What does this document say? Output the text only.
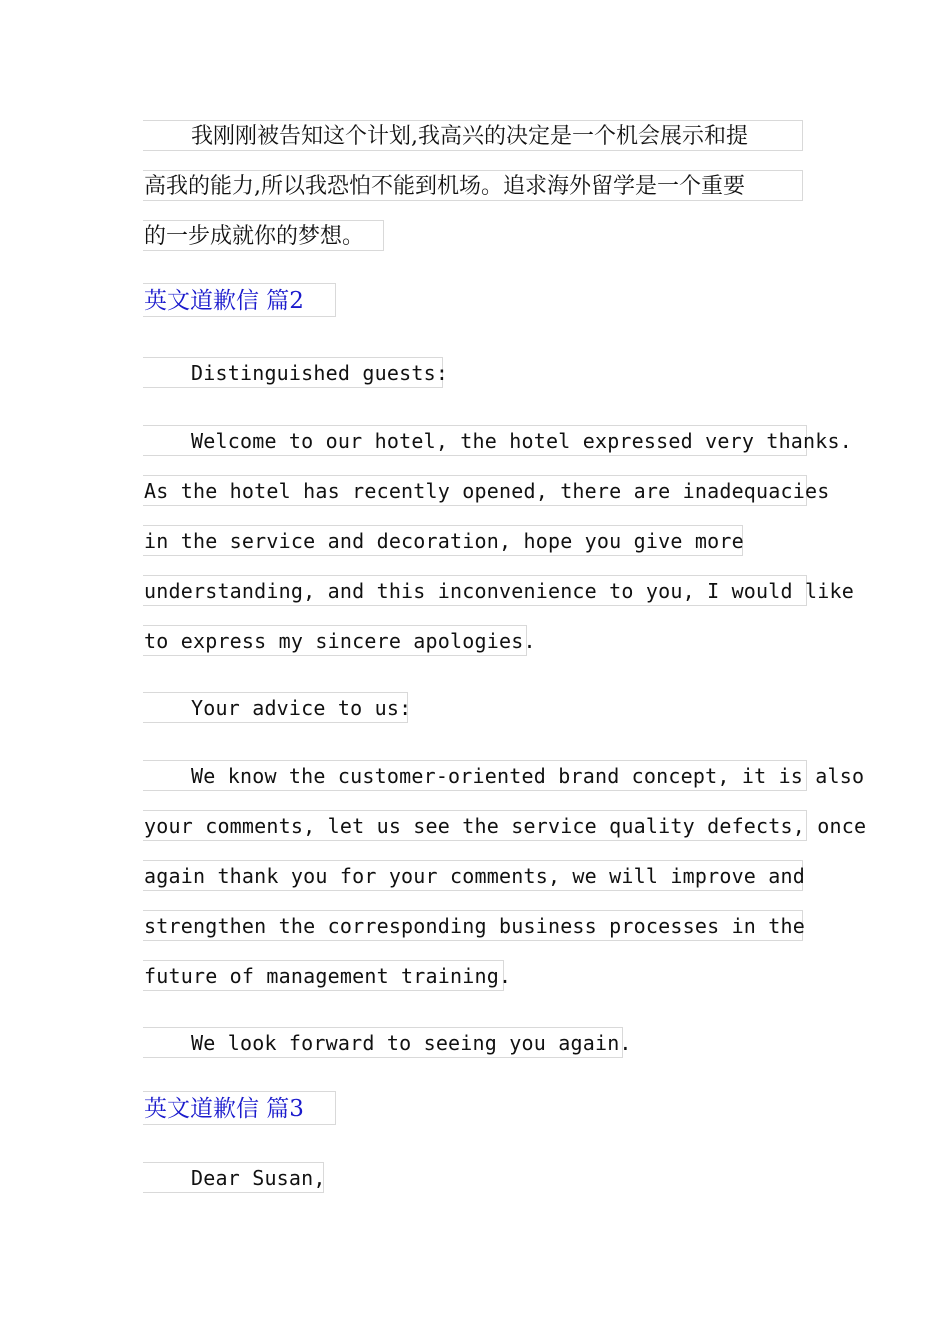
我刚刚被告知这个计划,我高兴的决定是一个机会展示和提
高我的能力,所以我恐怕不能到机场。追求海外留学是一个重要
的一步成就你的梦想。
英文道歉信 篇2
Distinguished guests:
Welcome to our hotel, the hotel expressed very thanks.
As the hotel has recently opened, there are inadequacies
in the service and decoration, hope you give more
understanding, and this inconvenience to you, I would like
to express my sincere apologies.
Your advice to us:
We know the customer-oriented brand concept, it is also
your comments, let us see the service quality defects, once
again thank you for your comments, we will improve and
strengthen the corresponding business processes in the
future of management training.
We look forward to seeing you again.
英文道歉信 篇3
Dear Susan,
